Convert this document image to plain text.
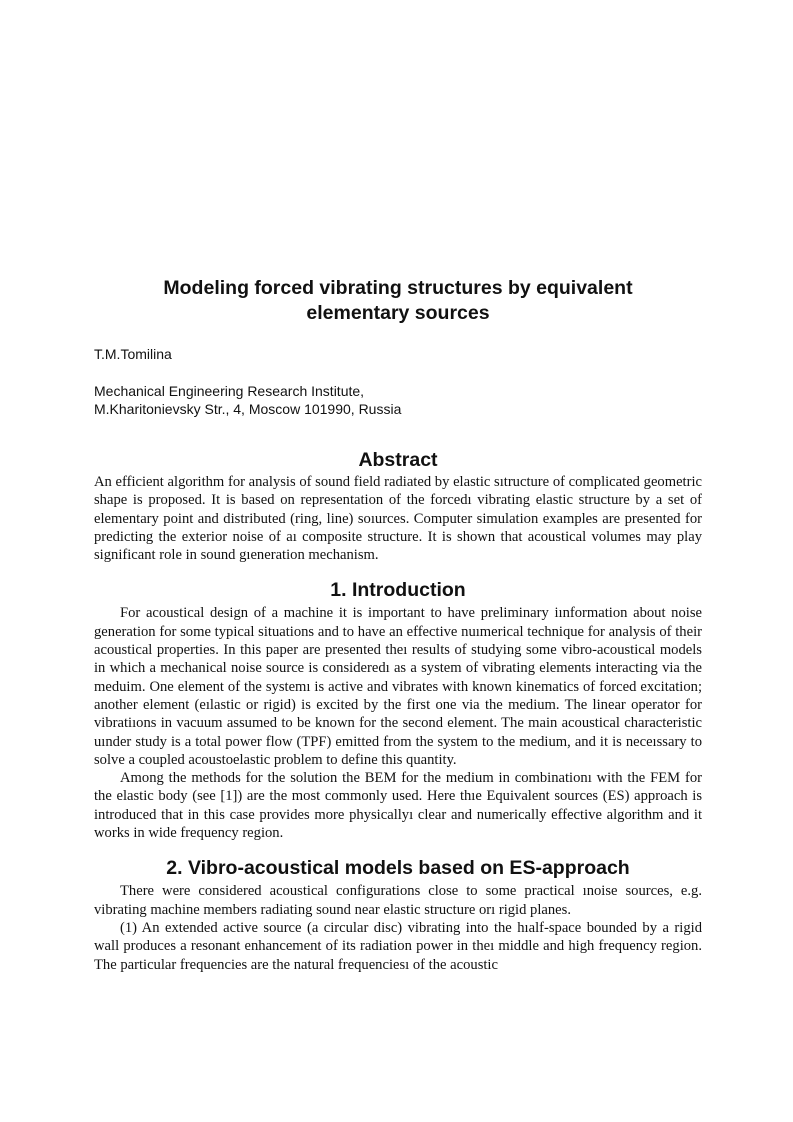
Modeling forced vibrating structures by equivalent
elementary sources
T.M.Tomilina
Mechanical Engineering Research Institute,
M.Kharitonievsky Str., 4, Moscow 101990, Russia
Abstract

An efficient algorithm for analysis of sound field radiated by elastic sıtructure of complicated geometric shape is proposed. It is based on representation of the forcedı vibrating elastic structure by a set of elementary point and distributed (ring, line) soıurces. Computer simulation examples are presented for predicting the exterior noise of aı composite structure. It is shown that acoustical volumes may play significant role in sound gıeneration mechanism.

1. Introduction

For acoustical design of a machine it is important to have preliminary iınformation about noise generation for some typical situations and to have an effective nuımerical technique for analysis of their acoustical properties. In this paper are presented theı results of studying some vibro-acoustical models in which a mechanical noise source is consideredı as a system of vibrating elements interacting via the meduim. One element of the systemı is active and vibrates with known kinematics of forced excitation; another element (eılastic or rigid) is excited by the first one via the medium. The linear operator for vibratiıons in vacuum assumed to be known for the second element. The main acoustical characteristic uınder study is a total power flow (TPF) emitted from the system to the medium, and it is neceıssary to solve a coupled acoustoelastic problem to define this quantity.

Among the methods for the solution the BEM for the medium in combinationı with the FEM for the elastic body (see [1]) are the most commonly used. Here thıe Equivalent sources (ES) approach is introduced that in this case provides more physicallyı clear and numerically effective algorithm and it works in wide frequency region.

2. Vibro-acoustical models based on ES-approach

There were considered acoustical configurations close to some practical ınoise sources, e.g. vibrating machine members radiating sound near elastic structure orı rigid planes.

(1) An extended active source (a circular disc) vibrating into the hıalf-space bounded by a rigid wall produces a resonant enhancement of its radiation power in theı middle and high frequency region. The particular frequencies are the natural frequenciesı of the acoustic
